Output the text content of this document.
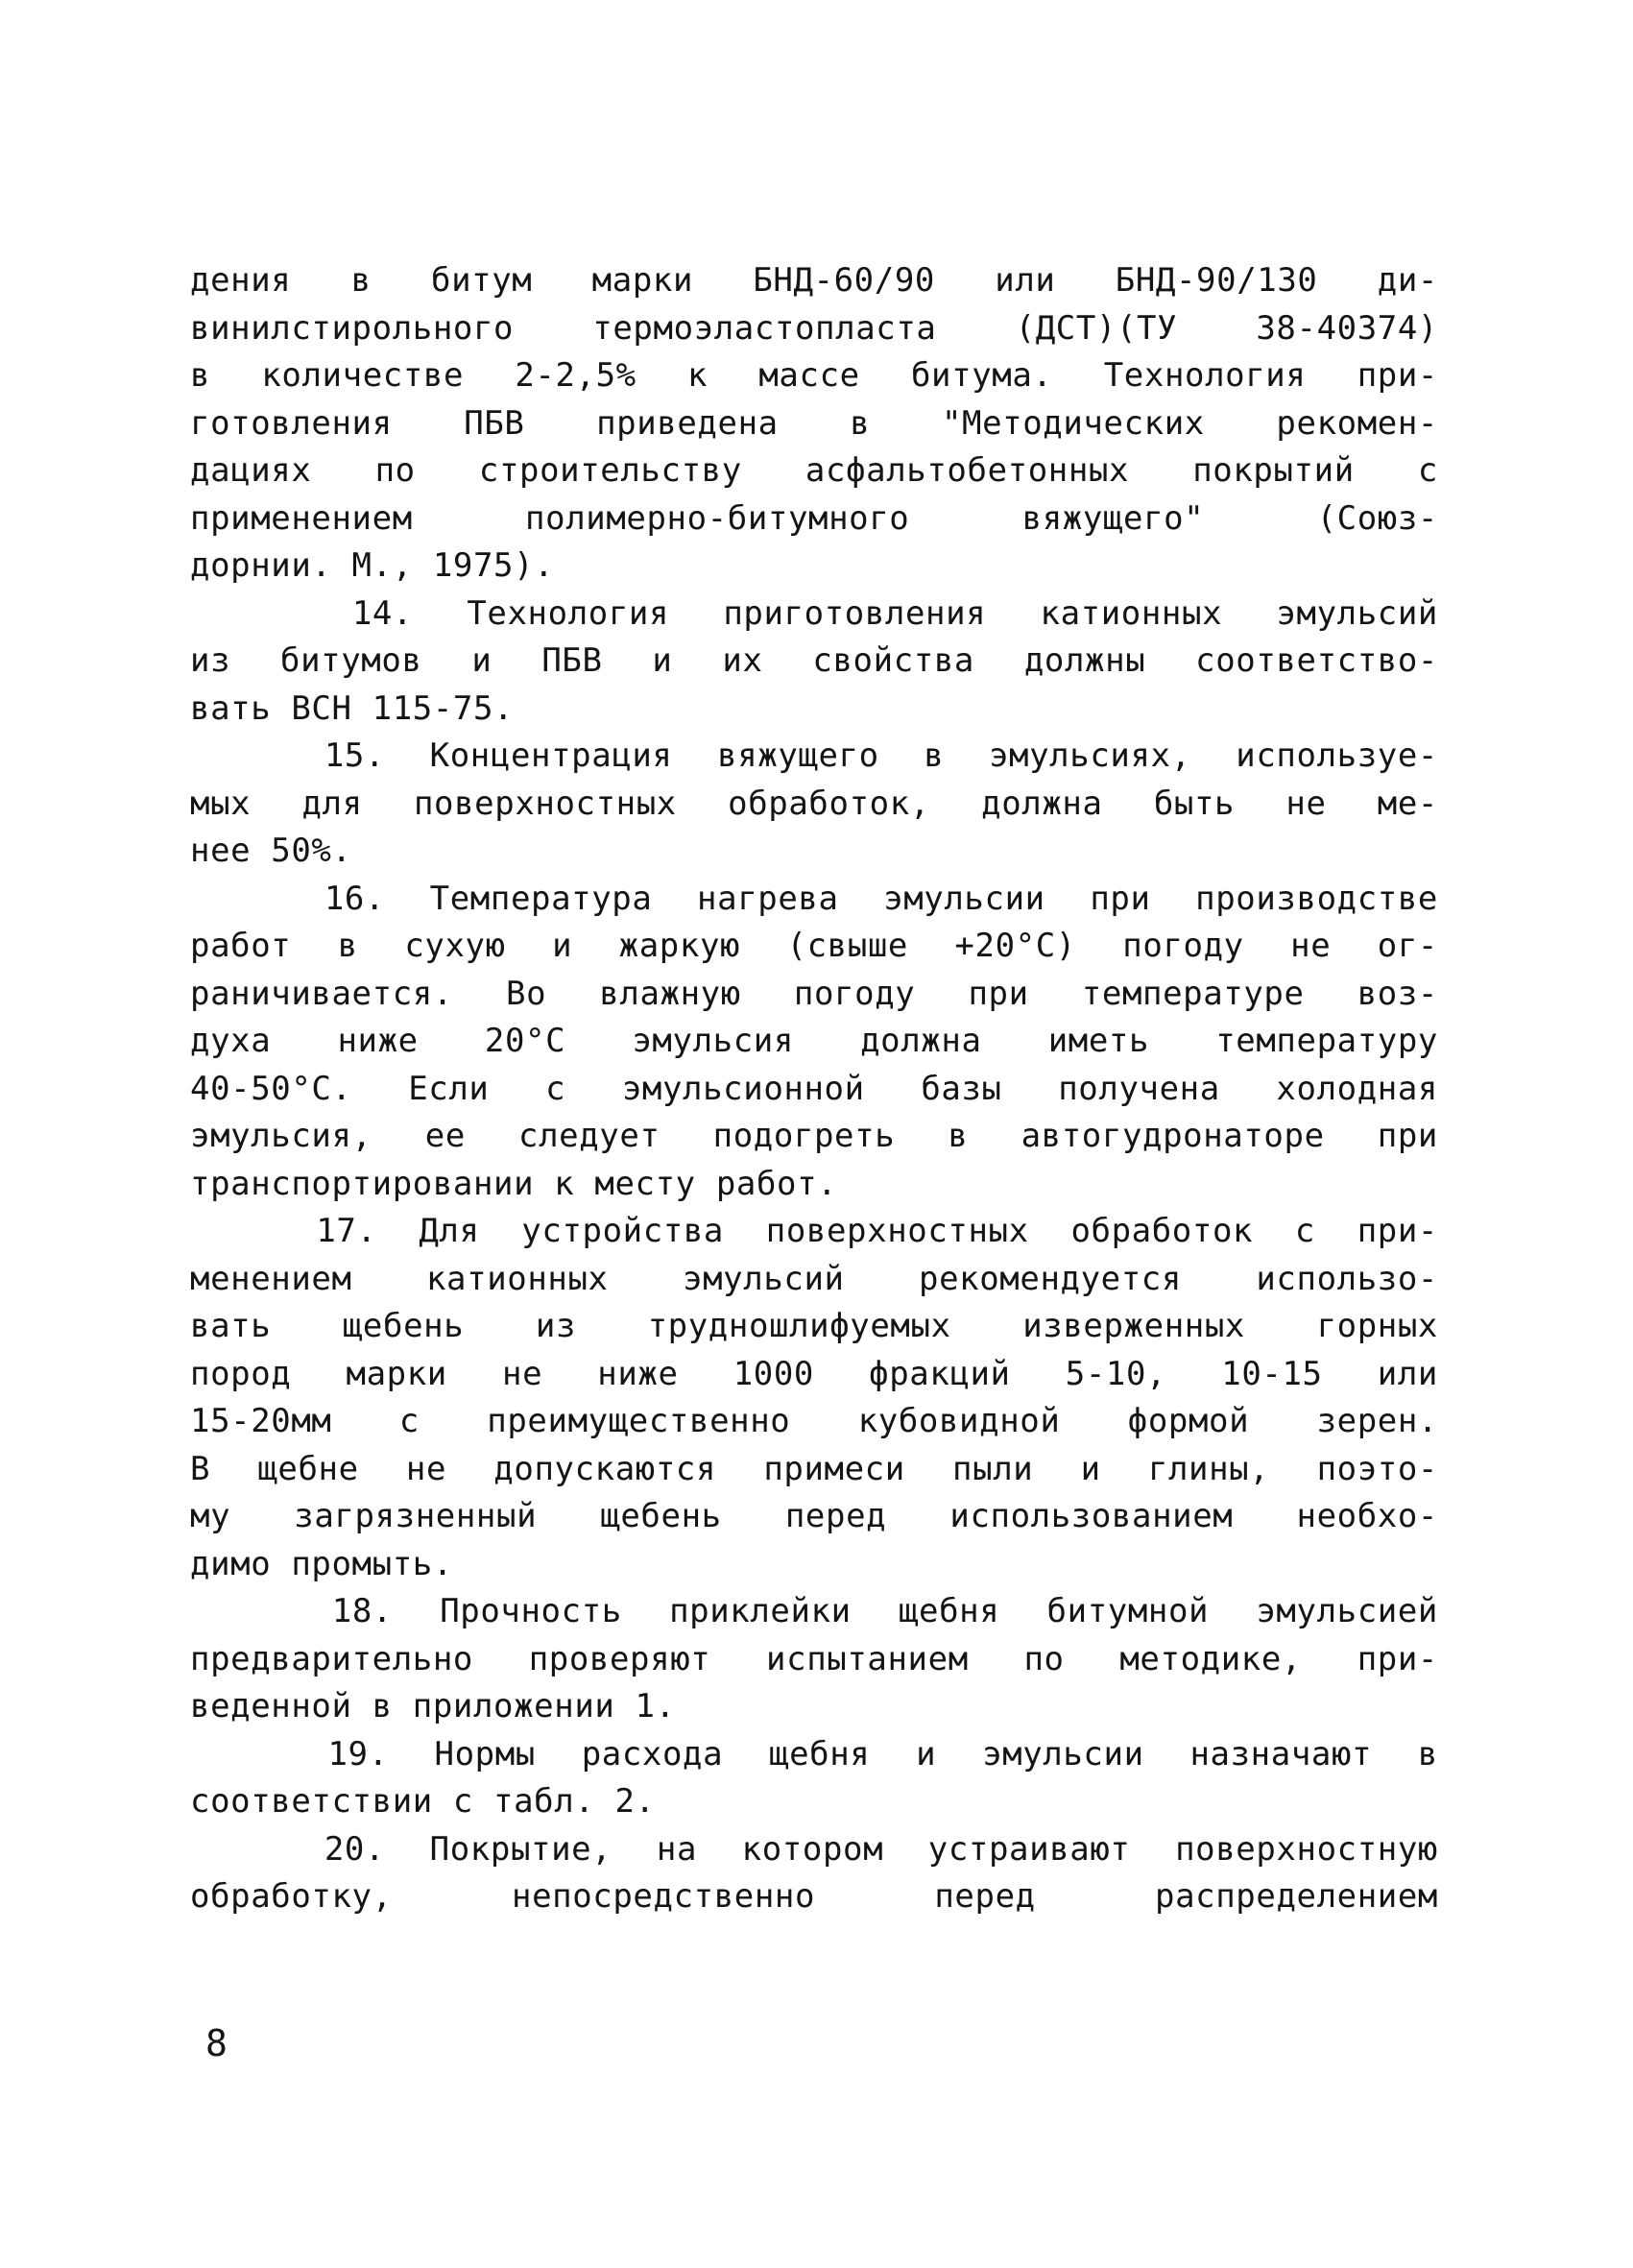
дения в битум марки БНД-60/90 или БНД-90/130 ди-
винилстирольного термоэластопласта (ДСТ)(ТУ 38-40374)
в количестве 2-2,5% к массе битума. Технология при-
готовления ПБВ приведена в "Методических рекомен-
дациях по строительству асфальтобетонных покрытий с
применением полимерно-битумного вяжущего" (Союз-
дорнии. М., 1975).
14. Технология приготовления катионных эмульсий
из битумов и ПБВ и их свойства должны соответство-
вать ВСН 115-75.
15. Концентрация вяжущего в эмульсиях, используе-
мых для поверхностных обработок, должна быть не ме-
нее 50%.
16. Температура нагрева эмульсии при производстве
работ в сухую и жаркую (свыше +20°С) погоду не ог-
раничивается. Во влажную погоду при температуре воз-
духа ниже 20°С эмульсия должна иметь температуру
40-50°С. Если с эмульсионной базы получена холодная
эмульсия, ее следует подогреть в автогудронаторе при
транспортировании к месту работ.
17. Для устройства поверхностных обработок с при-
менением катионных эмульсий рекомендуется использо-
вать щебень из трудношлифуемых изверженных горных
пород марки не ниже 1000 фракций 5-10, 10-15 или
15-20мм с преимущественно кубовидной формой зерен.
В щебне не допускаются примеси пыли и глины, поэто-
му загрязненный щебень перед использованием необхо-
димо промыть.
18. Прочность приклейки щебня битумной эмульсией
предварительно проверяют испытанием по методике, при-
веденной в приложении 1.
19. Нормы расхода щебня и эмульсии назначают в
соответствии с табл. 2.
20. Покрытие, на котором устраивают поверхностную
обработку, непосредственно перед распределением
8
